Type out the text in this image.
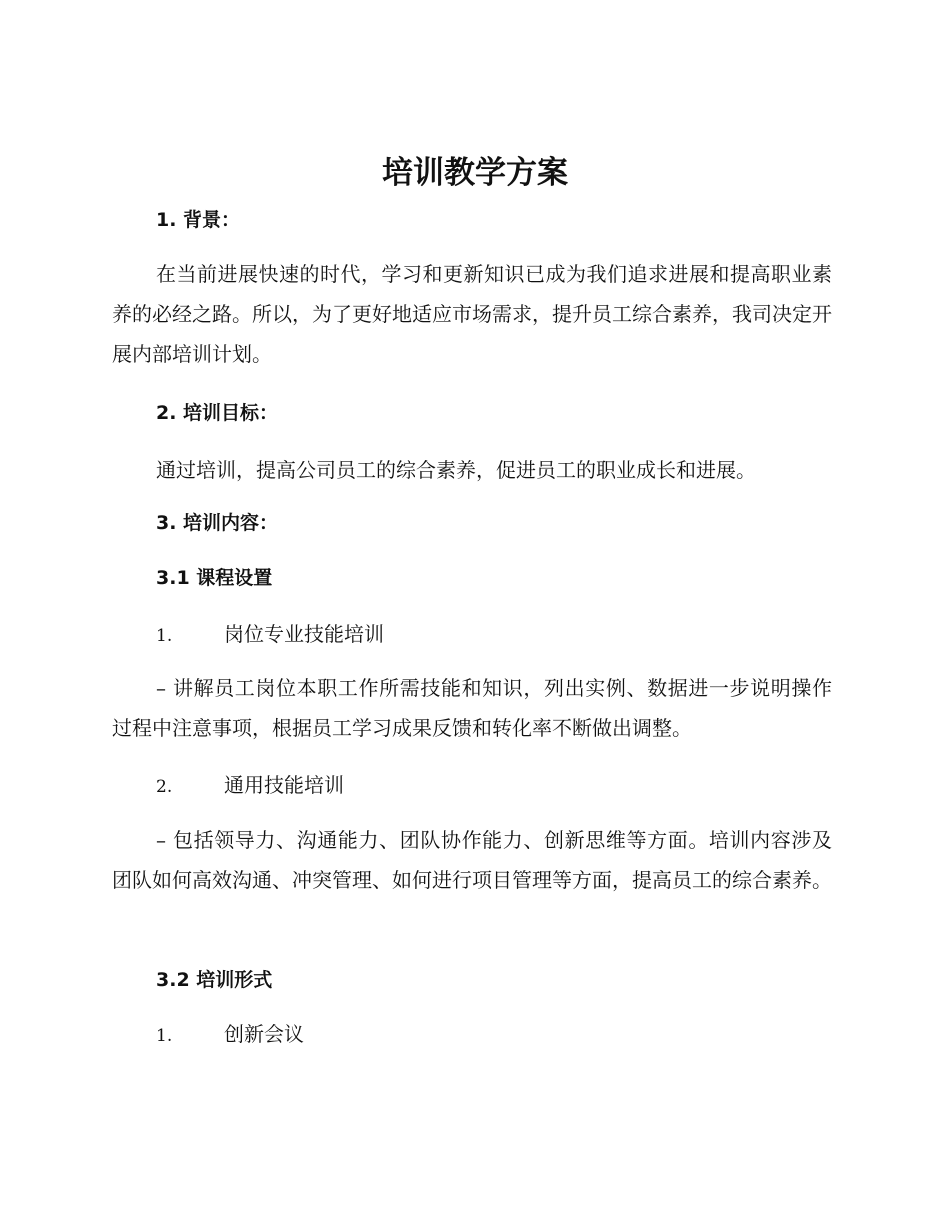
培训教学方案
1. 背景：

在当前进展快速的时代，学习和更新知识已成为我们追求进展和提高职业素养的必经之路。所以，为了更好地适应市场需求，提升员工综合素养，我司决定开展内部培训计划。

2. 培训目标：

通过培训，提高公司员工的综合素养，促进员工的职业成长和进展。

3. 培训内容：
3.1 课程设置
1.	岗位专业技能培训

– 讲解员工岗位本职工作所需技能和知识，列出实例、数据进一步说明操作过程中注意事项，根据员工学习成果反馈和转化率不断做出调整。

2.	通用技能培训

– 包括领导力、沟通能力、团队协作能力、创新思维等方面。培训内容涉及团队如何高效沟通、冲突管理、如何进行项目管理等方面，提高员工的综合素养。

3.2 培训形式
1.	创新会议
